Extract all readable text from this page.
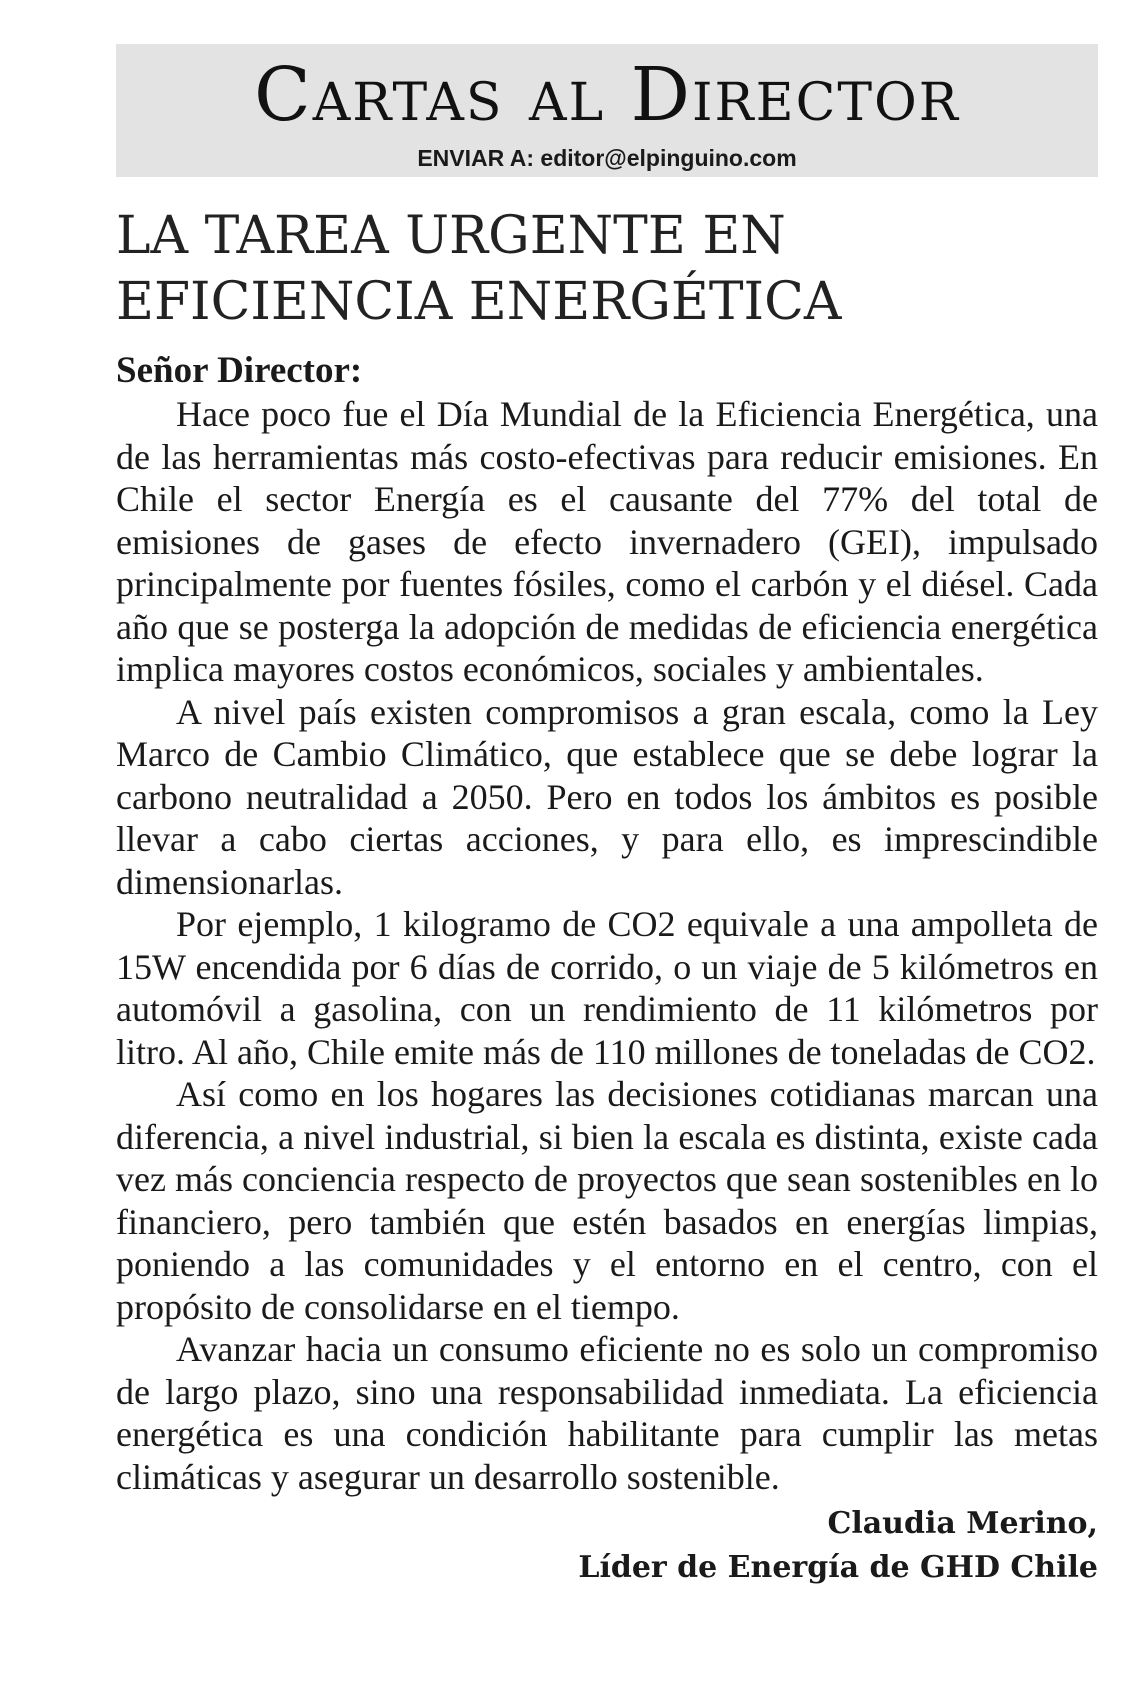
Cartas al Director
ENVIAR A: editor@elpinguino.com
LA TAREA URGENTE EN EFICIENCIA ENERGÉTICA
Señor Director:

Hace poco fue el Día Mundial de la Eficiencia Energética, una de las herramientas más costo-efectivas para reducir emisiones. En Chile el sector Energía es el causante del 77% del total de emisiones de gases de efecto invernadero (GEI), impulsado principalmente por fuentes fósiles, como el carbón y el diésel. Cada año que se posterga la adopción de medidas de eficiencia energética implica mayores costos económicos, sociales y ambientales.

A nivel país existen compromisos a gran escala, como la Ley Marco de Cambio Climático, que establece que se debe lograr la carbono neutralidad a 2050. Pero en todos los ámbitos es posible llevar a cabo ciertas acciones, y para ello, es imprescindible dimensionarlas.

Por ejemplo, 1 kilogramo de CO2 equivale a una ampolleta de 15W encendida por 6 días de corrido, o un viaje de 5 kilómetros en automóvil a gasolina, con un rendimiento de 11 kilómetros por litro. Al año, Chile emite más de 110 millones de toneladas de CO2.

Así como en los hogares las decisiones cotidianas marcan una diferencia, a nivel industrial, si bien la escala es distinta, existe cada vez más conciencia respecto de proyectos que sean sostenibles en lo financiero, pero también que estén basados en energías limpias, poniendo a las comunidades y el entorno en el centro, con el propósito de consolidarse en el tiempo.

Avanzar hacia un consumo eficiente no es solo un compromiso de largo plazo, sino una responsabilidad inmediata. La eficiencia energética es una condición habilitante para cumplir las metas climáticas y asegurar un desarrollo sostenible.

Claudia Merino,
Líder de Energía de GHD Chile
